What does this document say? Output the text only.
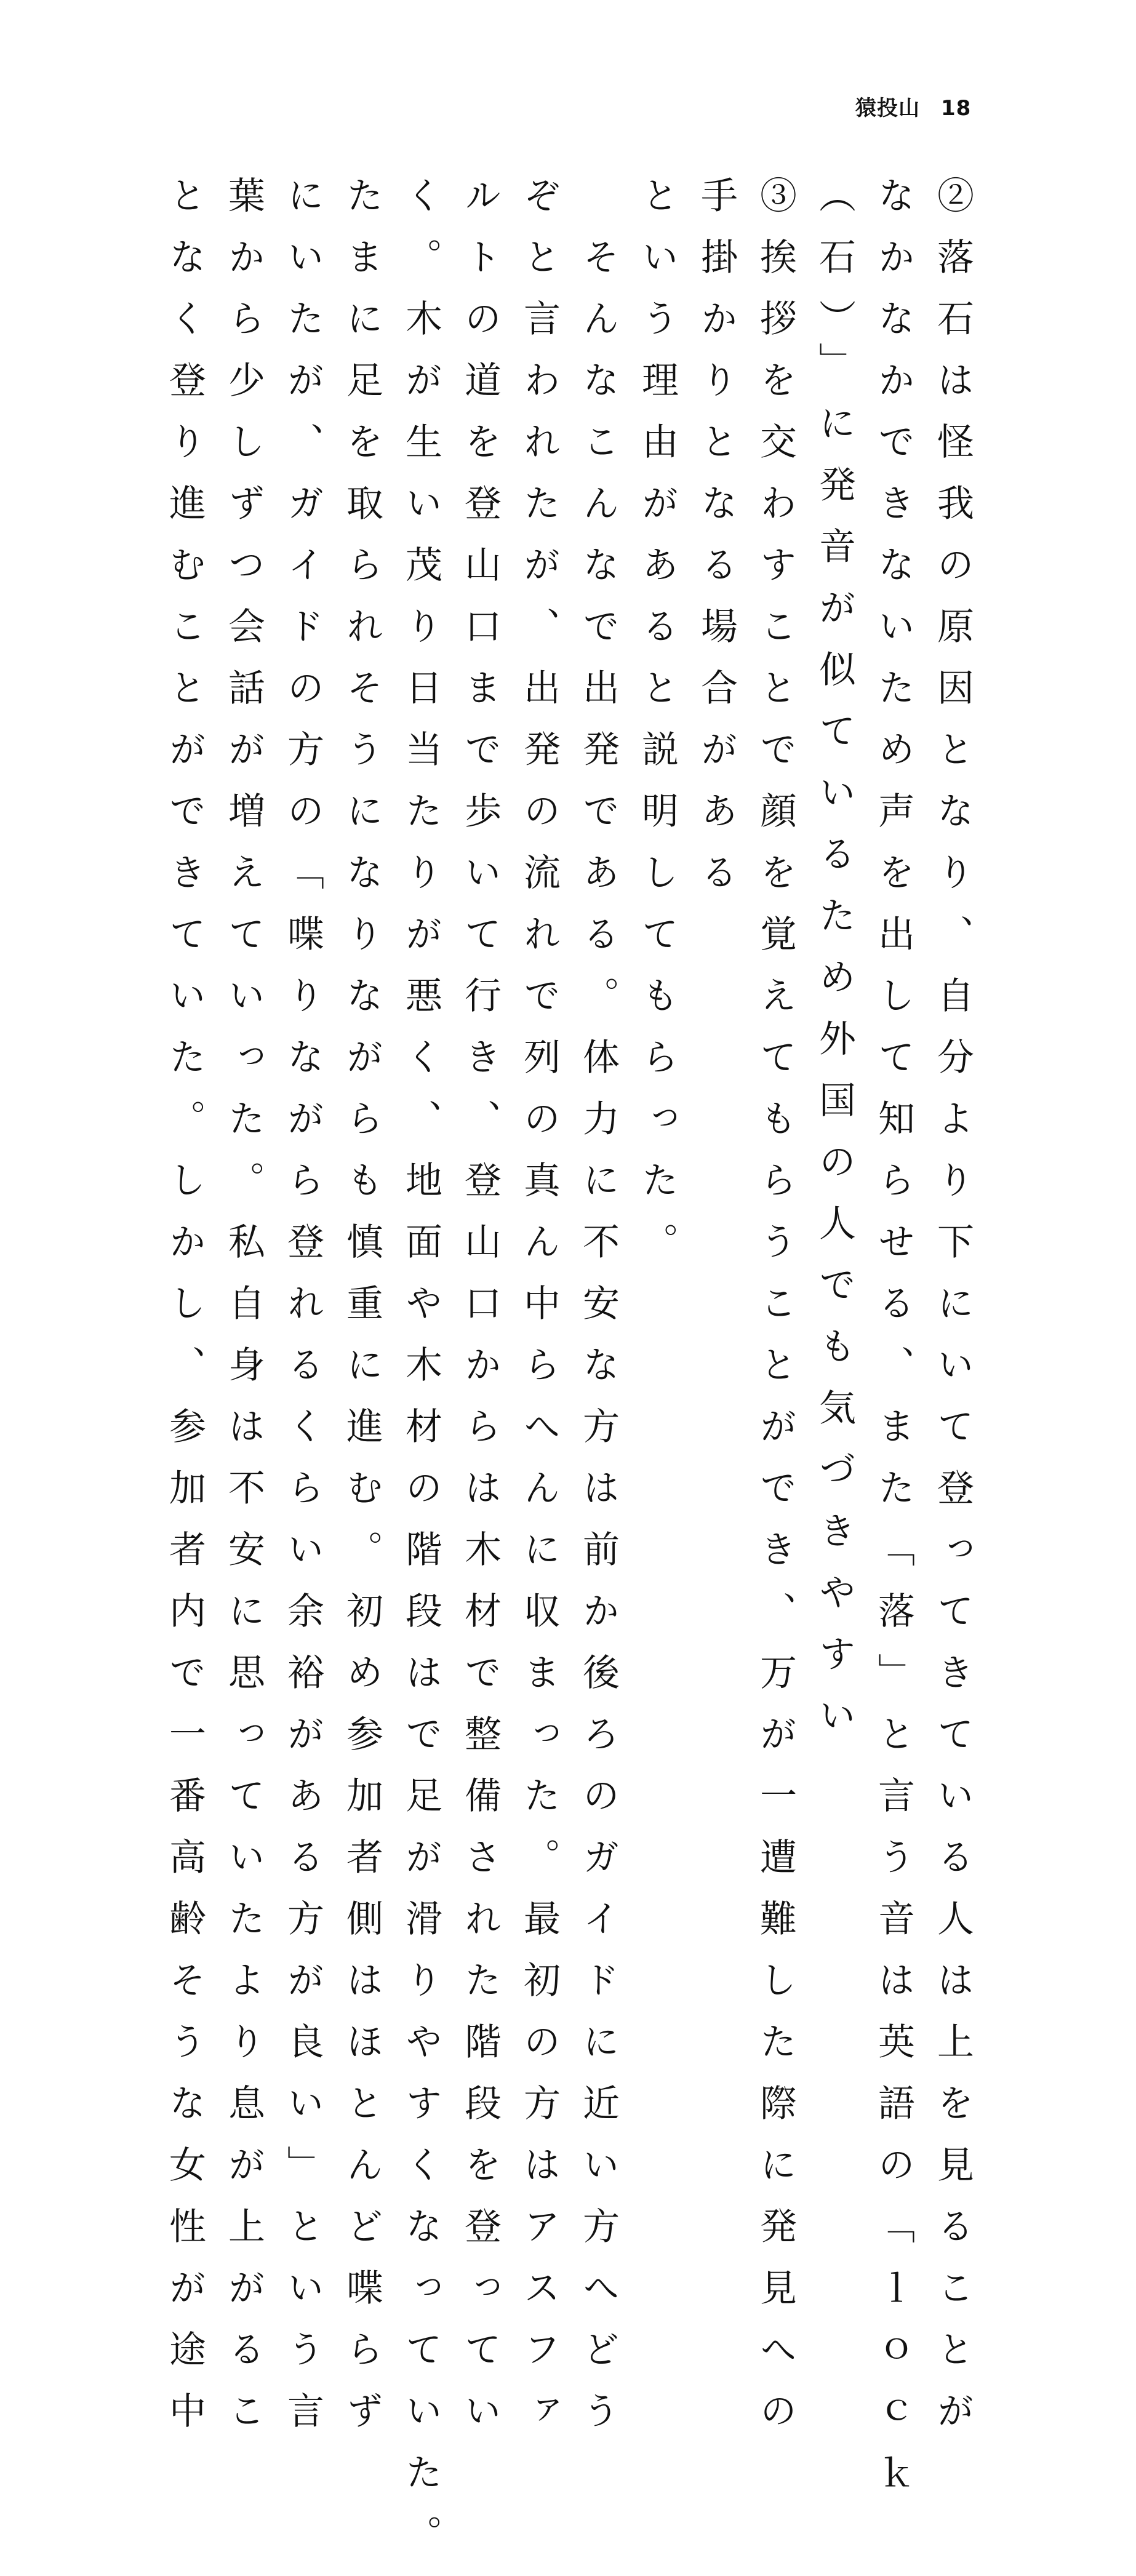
猿投山 18
②落石は怪我の原因となり、自分より下にいて登ってきている人は上を見ることが
なかなかできないため声を出して知らせる、また「落」と言う音は英語の「ｌｏｃｋ
（石）」に発音が似ているため外国の人でも気づきやすい
③挨拶を交わすことで顔を覚えてもらうことができ、万が一遭難した際に発見への
手掛かりとなる場合がある
という理由があると説明してもらった。
そんなこんなで出発である。体力に不安な方は前か後ろのガイドに近い方へどう
ぞと言われたが、出発の流れで列の真ん中らへんに収まった。最初の方はアスファ
ルトの道を登山口まで歩いて行き、登山口からは木材で整備された階段を登ってい
く。木が生い茂り日当たりが悪く、地面や木材の階段はで足が滑りやすくなっていた。
たまに足を取られそうになりながらも慎重に進む。初め参加者側はほとんど喋らず
にいたが、ガイドの方の「喋りながら登れるくらい余裕がある方が良い」という言
葉から少しずつ会話が増えていった。私自身は不安に思っていたより息が上がるこ
となく登り進むことができていた。しかし、参加者内で一番高齢そうな女性が途中
